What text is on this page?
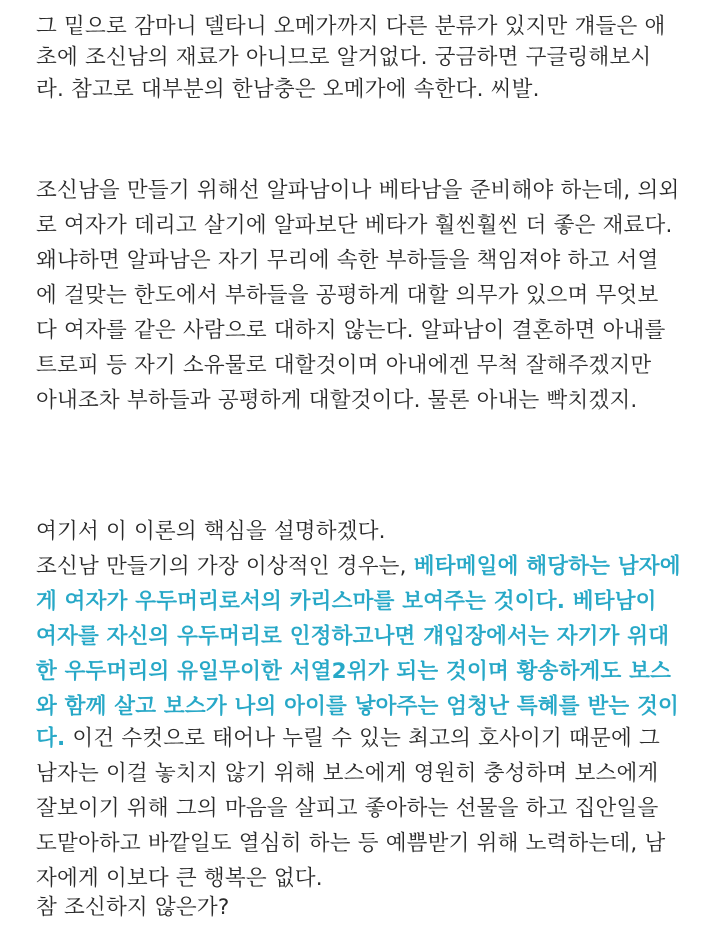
그 밑으로 감마니 델타니 오메가까지 다른 분류가 있지만 걔들은 애
초에 조신남의 재료가 아니므로 알거없다. 궁금하면 구글링해보시
라. 참고로 대부분의 한남충은 오메가에 속한다. 씨발.
조신남을 만들기 위해선 알파남이나 베타남을 준비해야 하는데, 의외
로 여자가 데리고 살기에 알파보단 베타가 훨씬훨씬 더 좋은 재료다.
왜냐하면 알파남은 자기 무리에 속한 부하들을 책임져야 하고 서열
에 걸맞는 한도에서 부하들을 공평하게 대할 의무가 있으며 무엇보
다 여자를 같은 사람으로 대하지 않는다. 알파남이 결혼하면 아내를
트로피 등 자기 소유물로 대할것이며 아내에겐 무척 잘해주겠지만
아내조차 부하들과 공평하게 대할것이다. 물론 아내는 빡치겠지.
여기서 이 이론의 핵심을 설명하겠다.
조신남 만들기의 가장 이상적인 경우는, 베타메일에 해당하는 남자에
게 여자가 우두머리로서의 카리스마를 보여주는 것이다. 베타남이
여자를 자신의 우두머리로 인정하고나면 걔입장에서는 자기가 위대
한 우두머리의 유일무이한 서열2위가 되는 것이며 황송하게도 보스
와 함께 살고 보스가 나의 아이를 낳아주는 엄청난 특혜를 받는 것이
다. 이건 수컷으로 태어나 누릴 수 있는 최고의 호사이기 때문에 그
남자는 이걸 놓치지 않기 위해 보스에게 영원히 충성하며 보스에게
잘보이기 위해 그의 마음을 살피고 좋아하는 선물을 하고 집안일을
도맡아하고 바깥일도 열심히 하는 등 예쁨받기 위해 노력하는데, 남
자에게 이보다 큰 행복은 없다.
참 조신하지 않은가?
